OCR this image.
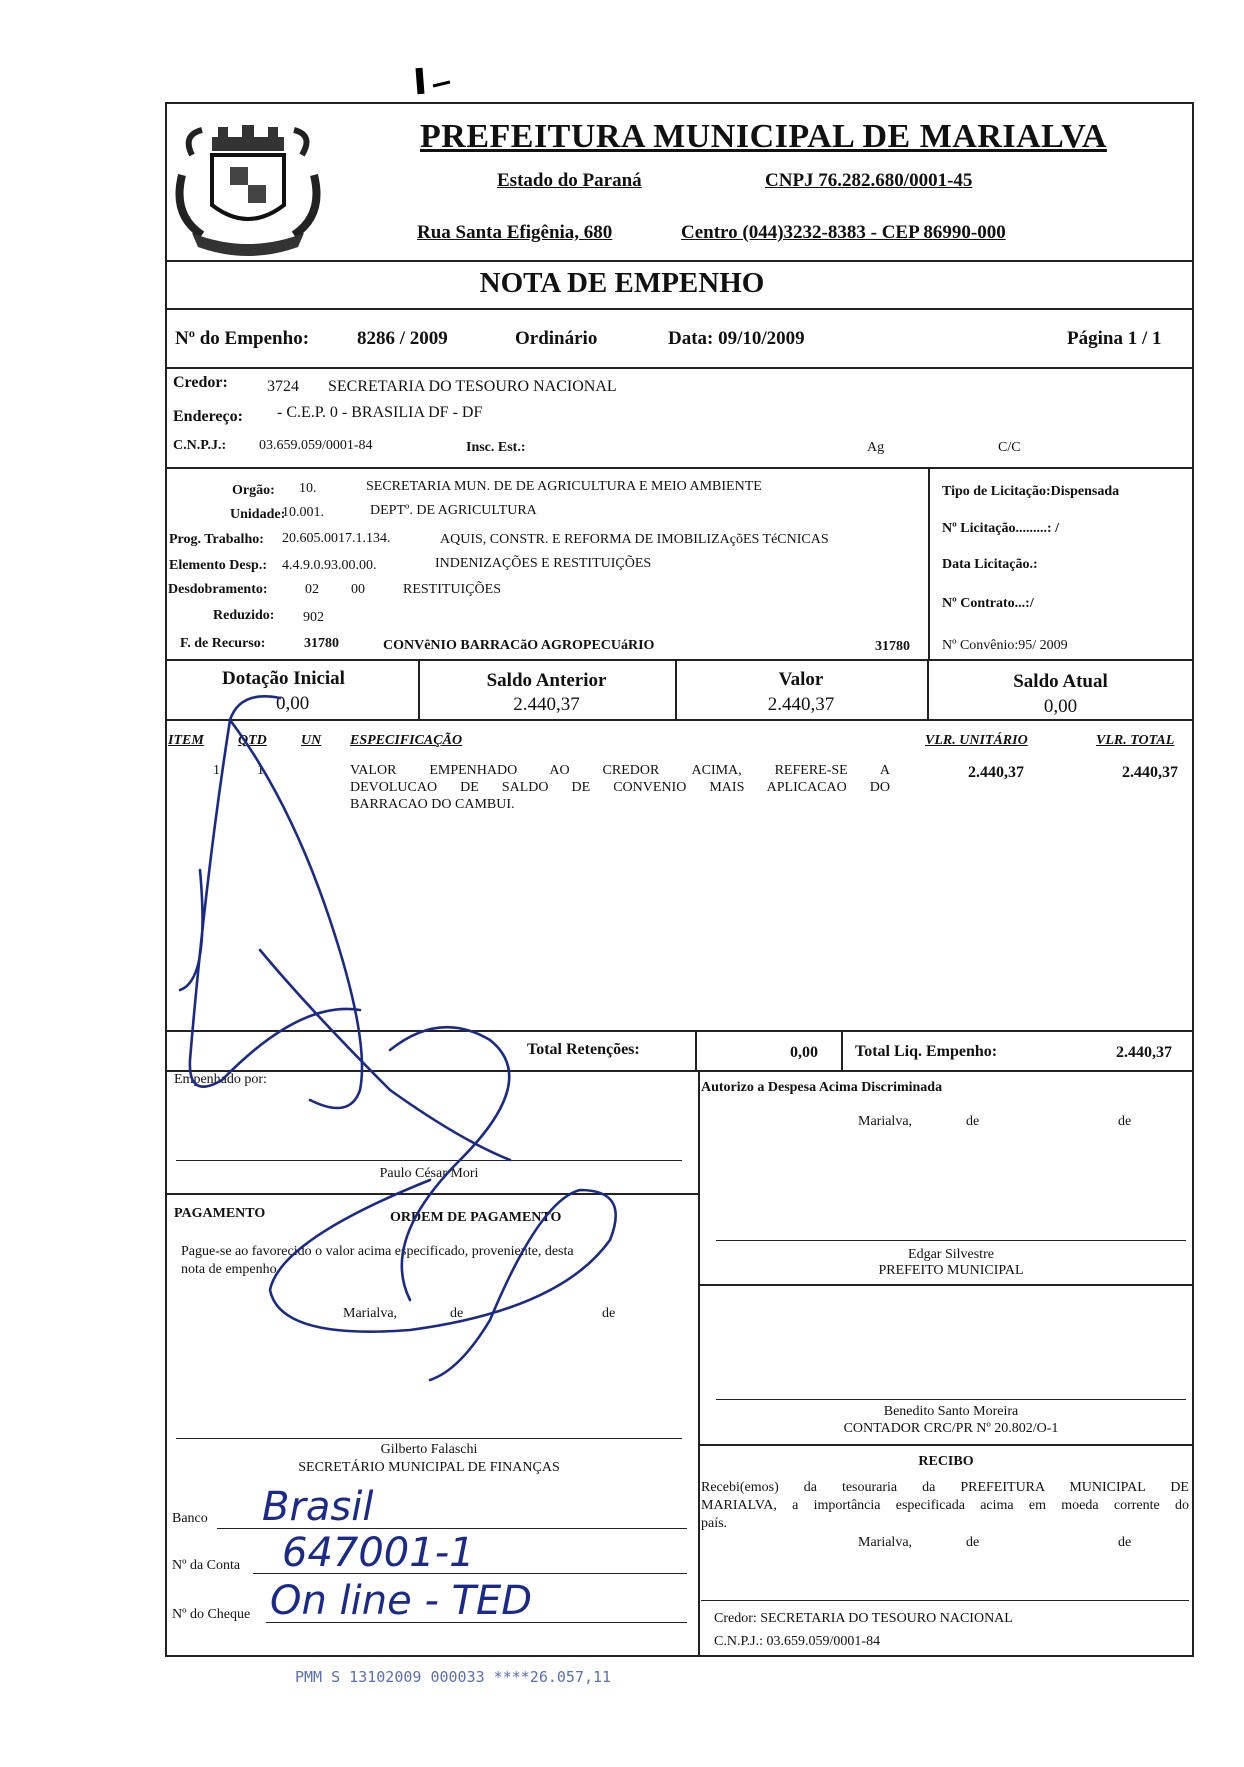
PREFEITURA MUNICIPAL DE MARIALVA
Estado do Paraná	CNPJ 76.282.680/0001-45
Rua Santa Efigênia, 680	Centro (044)3232-8383 - CEP 86990-000
NOTA DE EMPENHO
Nº do Empenho:	8286 / 2009	Ordinário	Data: 09/10/2009	Página 1 / 1
Credor: 3724 SECRETARIA DO TESOURO NACIONAL
Endereço: - C.E.P. 0 - BRASILIA DF - DF
C.N.P.J.: 03.659.059/0001-84	Insc. Est.:	Ag	C/C
Orgão: 10.	SECRETARIA MUN. DE DE AGRICULTURA E MEIO AMBIENTE
Unidade:
10.001.	DEPTº. DE AGRICULTURA
Prog. Trabalho: 20.605.0017.1.134.	AQUIS, CONSTR. E REFORMA DE IMOBILIZAçõES TéCNICAS
Elemento Desp.: 4.4.9.0.93.00.00.	INDENIZAÇÕES E RESTITUIÇÕES
Desdobramento:	02 00	RESTITUIÇÕES
Reduzido: 902
F. de Recurso:	31780	CONVêNIO BARRACãO AGROPECUáRIO	31780
Tipo de Licitação:Dispensada
Nº Licitação.........: /
Data Licitação.:
Nº Contrato...:/
Nº Convênio:95/ 2009
Dotação Inicial
0,00
Saldo Anterior
2.440,37
Valor
2.440,37
Saldo Atual
0,00
ITEM QTD UN ESPECIFICAÇÃO	VLR. UNITÁRIO	VLR. TOTAL
1	1	VALOR EMPENHADO AO CREDOR ACIMA, REFERE-SE A
DEVOLUCAO DE SALDO DE CONVENIO MAIS APLICACAO DO
BARRACAO DO CAMBUI.
2.440,37	2.440,37
Total Retenções:	0,00 Total Liq. Empenho:	2.440,37
Empenhado por:
Paulo César Mori
Autorizo a Despesa Acima Discriminada
Marialva,	de	de
Edgar Silvestre
PREFEITO MUNICIPAL
Benedito Santo Moreira
CONTADOR CRC/PR Nº 20.802/O-1
PAGAMENTO	ORDEM DE PAGAMENTO
Pague-se ao favorecido o valor acima especificado, proveniente, desta
nota de empenho.
Marialva,	de	de
Gilberto Falaschi
SECRETÁRIO MUNICIPAL DE FINANÇAS
Banco Brasil
Nº da Conta 647001-1
Nº do Cheque On line - TED
RECIBO
Recebi(emos) da tesouraria da PREFEITURA MUNICIPAL DE
MARIALVA, a importância especificada acima em moeda corrente do
país.
Marialva,	de	de
Credor: SECRETARIA DO TESOURO NACIONAL
C.N.P.J.: 03.659.059/0001-84
PMM S 13102009 000033 ****26.057,11
